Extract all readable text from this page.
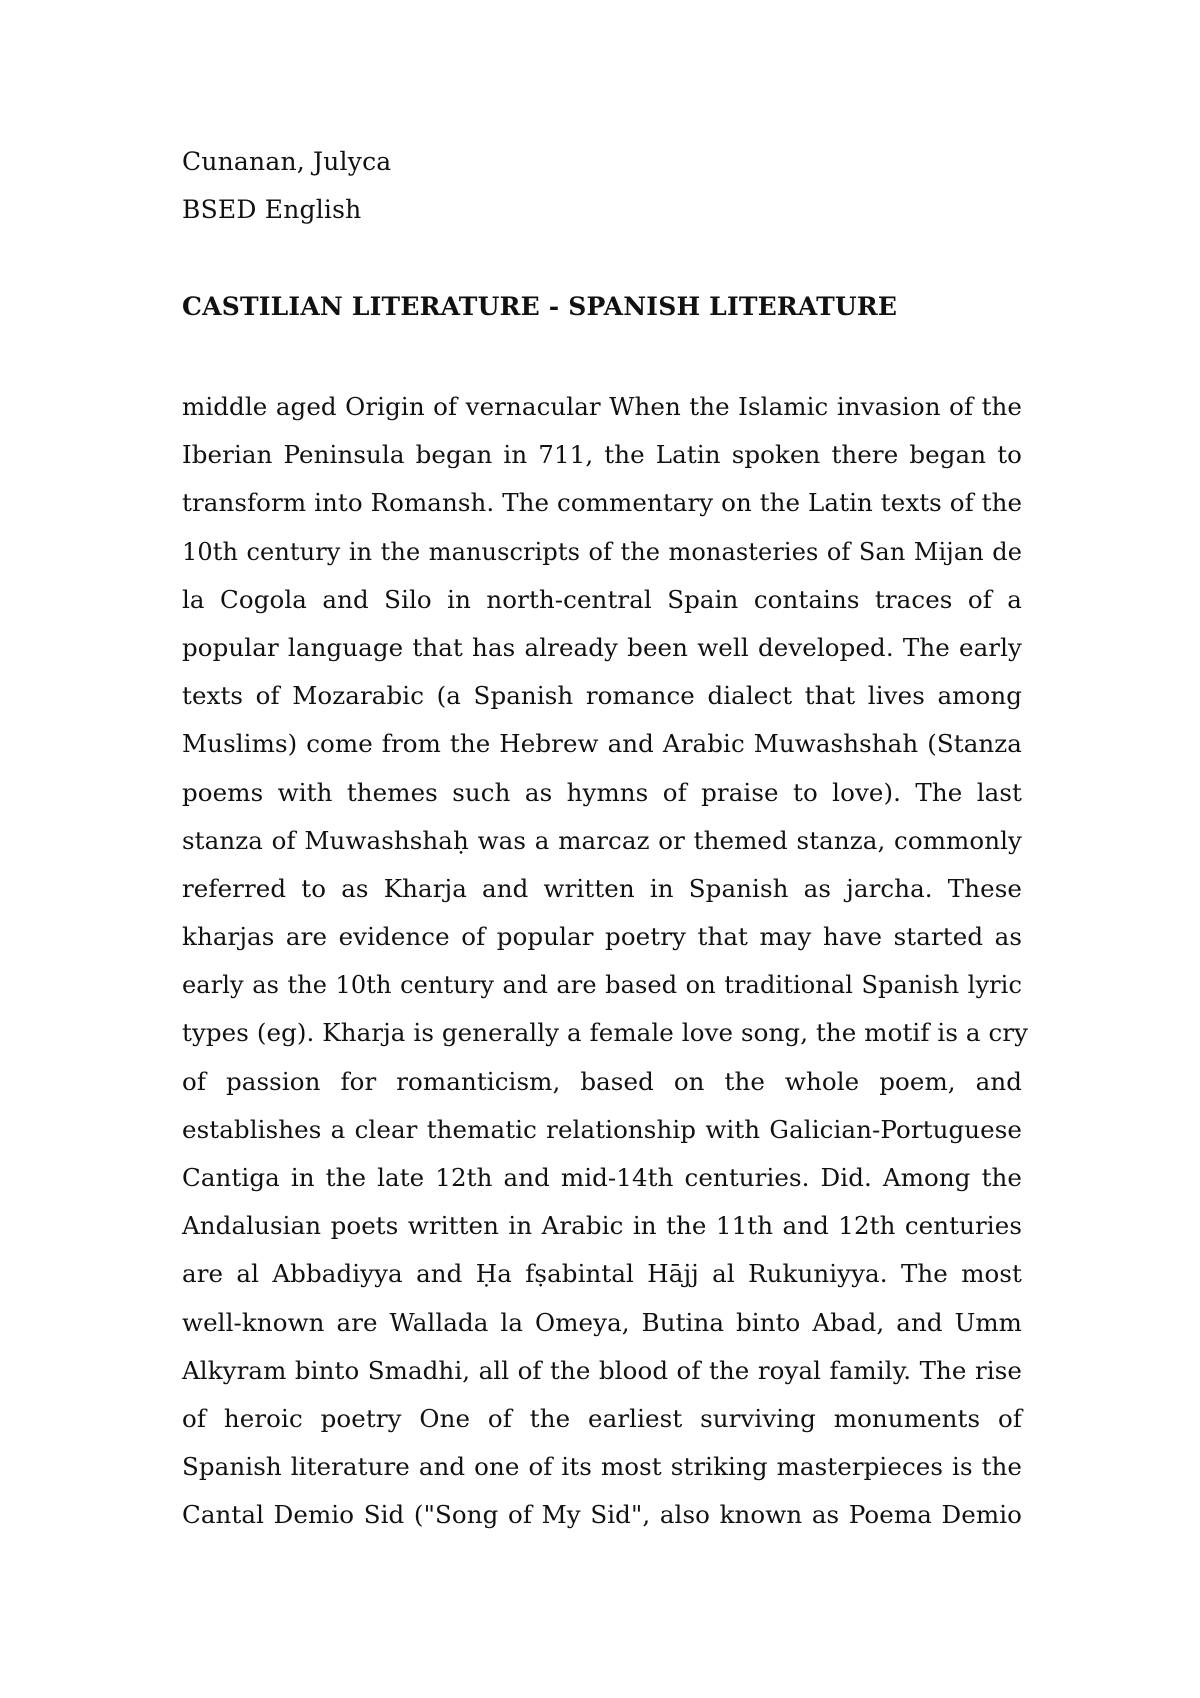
Cunanan, Julyca
BSED English
CASTILIAN LITERATURE - SPANISH LITERATURE
middle aged Origin of vernacular When the Islamic invasion of the
Iberian Peninsula began in 711, the Latin spoken there began to
transform into Romansh. The commentary on the Latin texts of the
10th century in the manuscripts of the monasteries of San Mijan de
la Cogola and Silo in north-central Spain contains traces of a
popular language that has already been well developed. The early
texts of Mozarabic (a Spanish romance dialect that lives among
Muslims) come from the Hebrew and Arabic Muwashshah (Stanza
poems with themes such as hymns of praise to love). The last
stanza of Muwashshaḥ was a marcaz or themed stanza, commonly
referred to as Kharja and written in Spanish as jarcha. These
kharjas are evidence of popular poetry that may have started as
early as the 10th century and are based on traditional Spanish lyric
types (eg). Kharja is generally a female love song, the motif is a cry
of passion for romanticism, based on the whole poem, and
establishes a clear thematic relationship with Galician-Portuguese
Cantiga in the late 12th and mid-14th centuries. Did. Among the
Andalusian poets written in Arabic in the 11th and 12th centuries
are al Abbadiyya and Ḥa fṣabintal Hājj al Rukuniyya. The most
well-known are Wallada la Omeya, Butina binto Abad, and Umm
Alkyram binto Smadhi, all of the blood of the royal family. The rise
of heroic poetry One of the earliest surviving monuments of
Spanish literature and one of its most striking masterpieces is the
Cantal Demio Sid ("Song of My Sid", also known as Poema Demio
